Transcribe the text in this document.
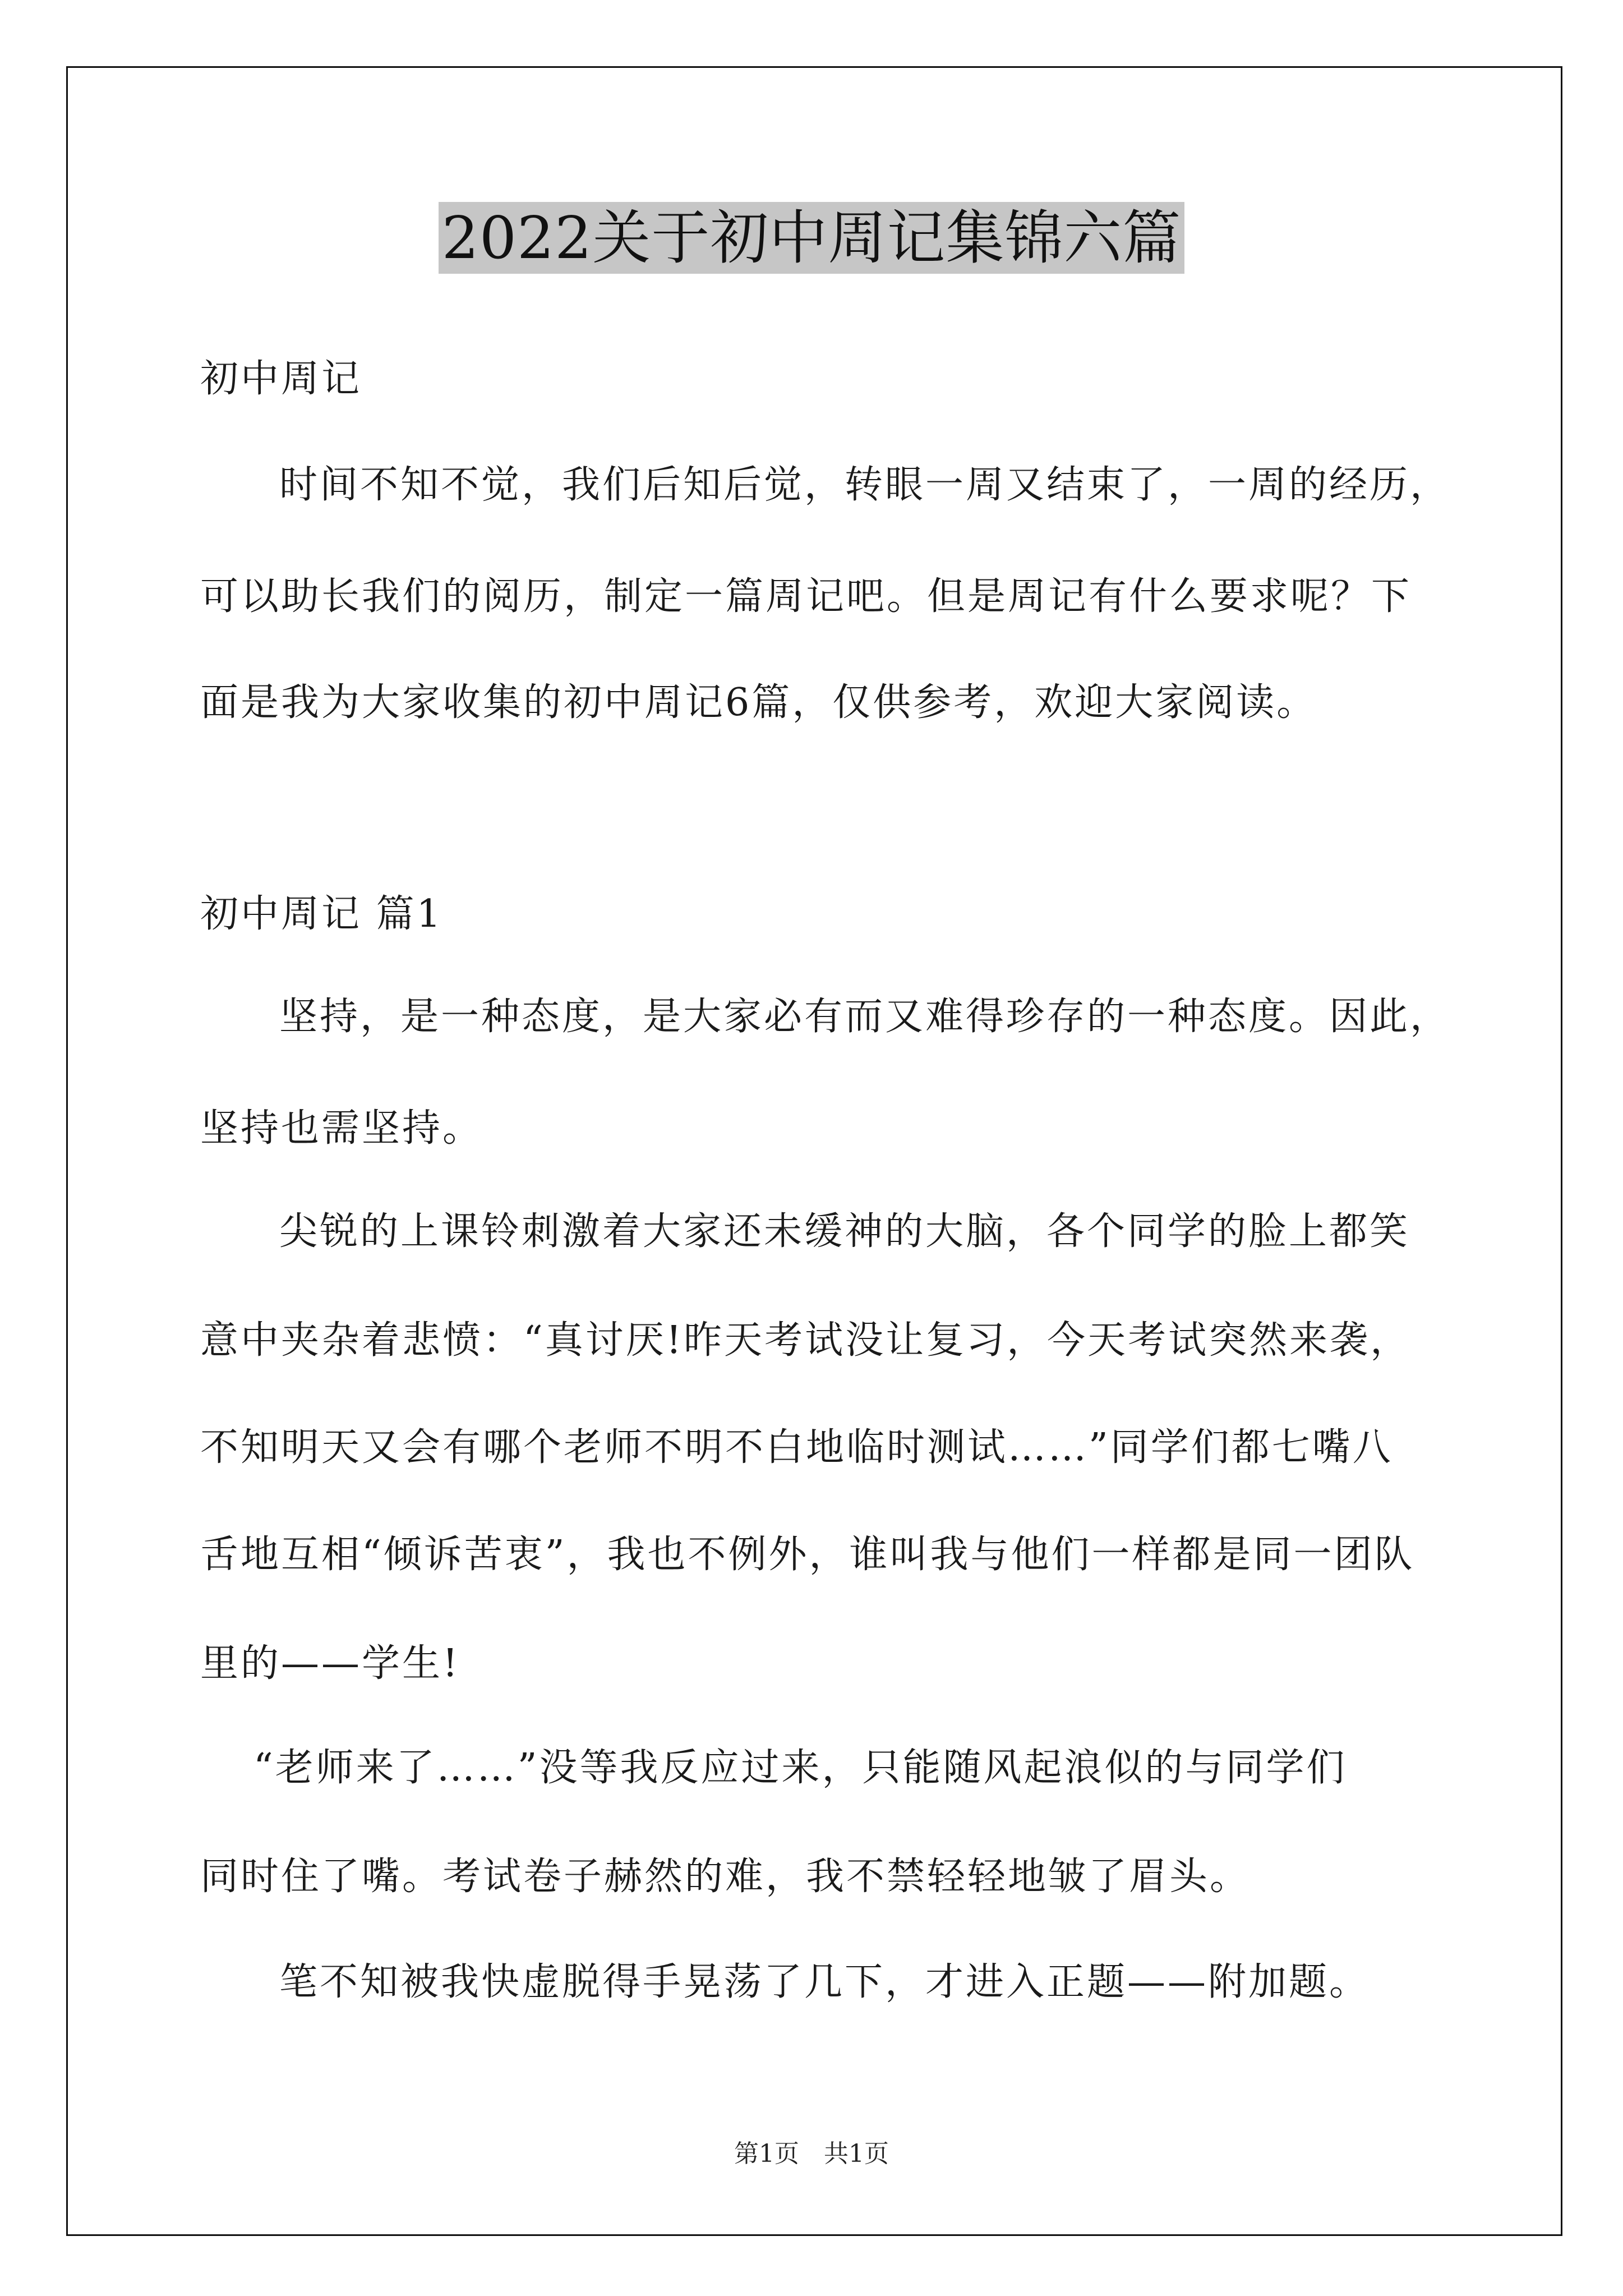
2022关于初中周记集锦六篇
初中周记
时间不知不觉，我们后知后觉，转眼一周又结束了，一周的经历，
可以助长我们的阅历，制定一篇周记吧。但是周记有什么要求呢？下
面是我为大家收集的初中周记6篇，仅供参考，欢迎大家阅读。
初中周记 篇1
坚持，是一种态度，是大家必有而又难得珍存的一种态度。因此，
坚持也需坚持。
尖锐的上课铃刺激着大家还未缓神的大脑，各个同学的脸上都笑
意中夹杂着悲愤：“真讨厌!昨天考试没让复习，今天考试突然来袭，
不知明天又会有哪个老师不明不白地临时测试……”同学们都七嘴八
舌地互相“倾诉苦衷”，我也不例外，谁叫我与他们一样都是同一团队
里的——学生!
“老师来了……”没等我反应过来，只能随风起浪似的与同学们
同时住了嘴。考试卷子赫然的难，我不禁轻轻地皱了眉头。
笔不知被我快虚脱得手晃荡了几下，才进入正题——附加题。
第1页　共1页
